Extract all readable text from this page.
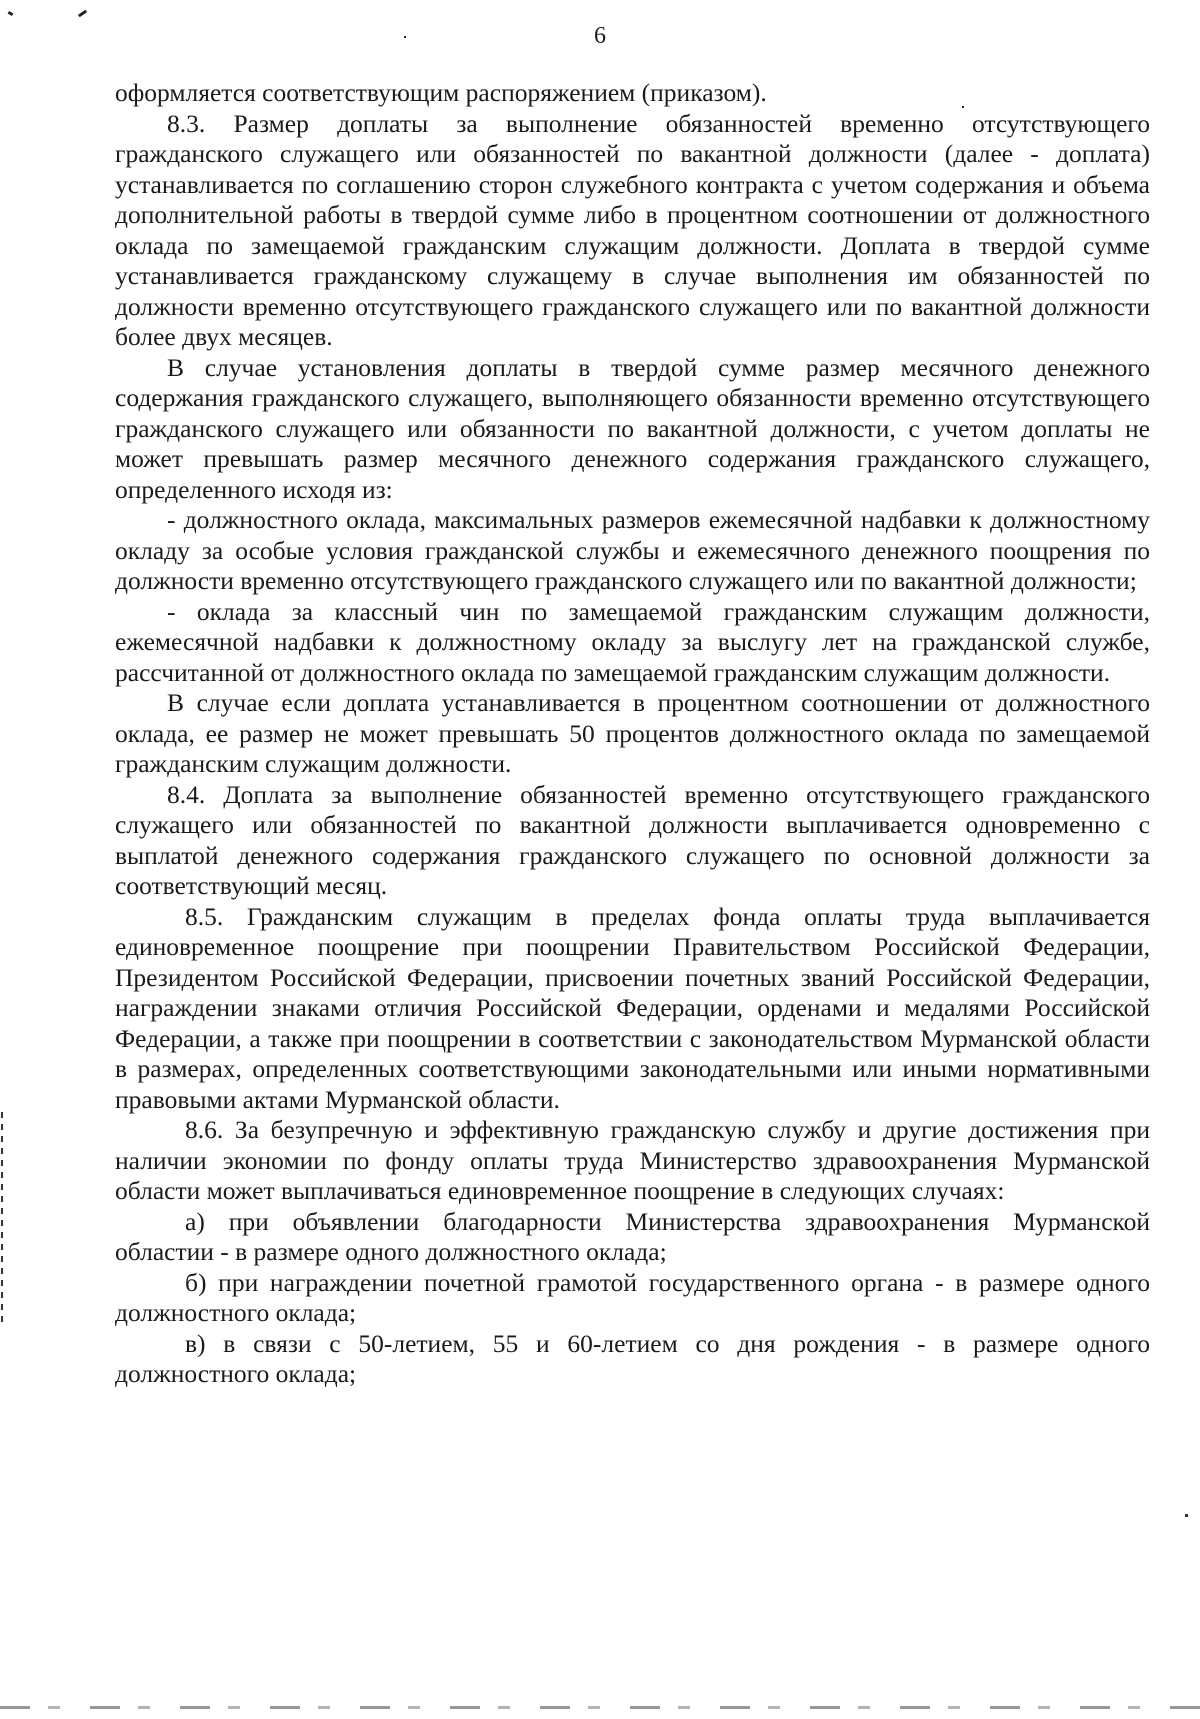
6

оформляется соответствующим распоряжением (приказом).

8.3. Размер доплаты за выполнение обязанностей временно отсутствующего гражданского служащего или обязанностей по вакантной должности (далее - доплата) устанавливается по соглашению сторон служебного контракта с учетом содержания и объема дополнительной работы в твердой сумме либо в процентном соотношении от должностного оклада по замещаемой гражданским служащим должности. Доплата в твердой сумме устанавливается гражданскому служащему в случае выполнения им обязанностей по должности временно отсутствующего гражданского служащего или по вакантной должности более двух месяцев.

В случае установления доплаты в твердой сумме размер месячного денежного содержания гражданского служащего, выполняющего обязанности временно отсутствующего гражданского служащего или обязанности по вакантной должности, с учетом доплаты не может превышать размер месячного денежного содержания гражданского служащего, определенного исходя из:

- должностного оклада, максимальных размеров ежемесячной надбавки к должностному окладу за особые условия гражданской службы и ежемесячного денежного поощрения по должности временно отсутствующего гражданского служащего или по вакантной должности;

- оклада за классный чин по замещаемой гражданским служащим должности, ежемесячной надбавки к должностному окладу за выслугу лет на гражданской службе, рассчитанной от должностного оклада по замещаемой гражданским служащим должности.

В случае если доплата устанавливается в процентном соотношении от должностного оклада, ее размер не может превышать 50 процентов должностного оклада по замещаемой гражданским служащим должности.

8.4. Доплата за выполнение обязанностей временно отсутствующего гражданского служащего или обязанностей по вакантной должности выплачивается одновременно с выплатой денежного содержания гражданского служащего по основной должности за соответствующий месяц.

8.5. Гражданским служащим в пределах фонда оплаты труда выплачивается единовременное поощрение при поощрении Правительством Российской Федерации, Президентом Российской Федерации, присвоении почетных званий Российской Федерации, награждении знаками отличия Российской Федерации, орденами и медалями Российской Федерации, а также при поощрении в соответствии с законодательством Мурманской области в размерах, определенных соответствующими законодательными или иными нормативными правовыми актами Мурманской области.

8.6. За безупречную и эффективную гражданскую службу и другие достижения при наличии экономии по фонду оплаты труда Министерство здравоохранения Мурманской области может выплачиваться единовременное поощрение в следующих случаях:

а) при объявлении благодарности Министерства здравоохранения Мурманской областии - в размере одного должностного оклада;

б) при награждении почетной грамотой государственного органа - в размере одного должностного оклада;

в) в связи с 50-летием, 55 и 60-летием со дня рождения - в размере одного должностного оклада;
